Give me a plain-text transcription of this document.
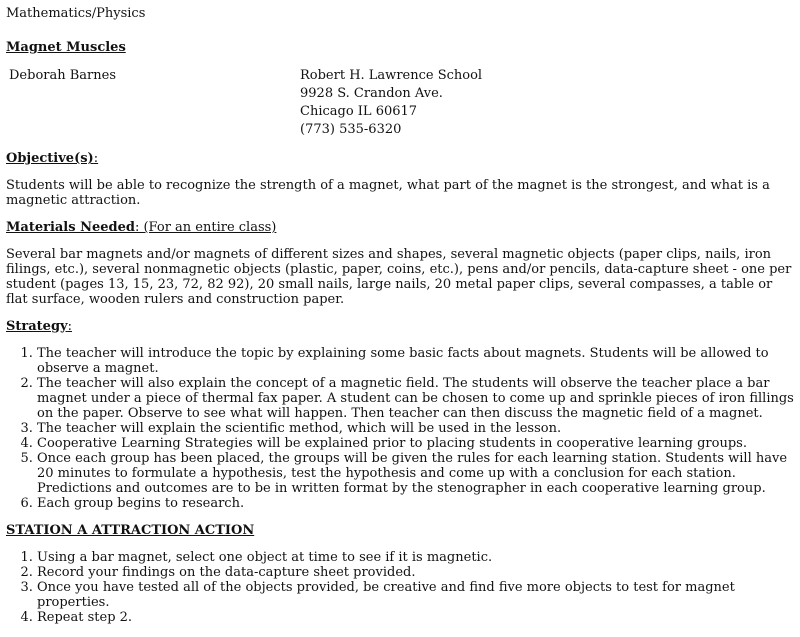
Mathematics/Physics

Magnet Muscles

Deborah Barnes	Robert H. Lawrence School
9928 S. Crandon Ave.
Chicago IL 60617
(773) 535-6320

Objective(s):

Students will be able to recognize the strength of a magnet, what part of the magnet is the strongest, and what is a magnetic attraction.

Materials Needed: (For an entire class)

Several bar magnets and/or magnets of different sizes and shapes, several magnetic objects (paper clips, nails, iron filings, etc.), several nonmagnetic objects (plastic, paper, coins, etc.), pens and/or pencils, data-capture sheet - one per student (pages 13, 15, 23, 72, 82 92), 20 small nails, large nails, 20 metal paper clips, several compasses, a table or flat surface, wooden rulers and construction paper.

Strategy:

1. The teacher will introduce the topic by explaining some basic facts about magnets. Students will be allowed to observe a magnet.
2. The teacher will also explain the concept of a magnetic field. The students will observe the teacher place a bar magnet under a piece of thermal fax paper. A student can be chosen to come up and sprinkle pieces of iron fillings on the paper. Observe to see what will happen. Then teacher can then discuss the magnetic field of a magnet.
3. The teacher will explain the scientific method, which will be used in the lesson.
4. Cooperative Learning Strategies will be explained prior to placing students in cooperative learning groups.
5. Once each group has been placed, the groups will be given the rules for each learning station. Students will have 20 minutes to formulate a hypothesis, test the hypothesis and come up with a conclusion for each station. Predictions and outcomes are to be in written format by the stenographer in each cooperative learning group.
6. Each group begins to research.

STATION A ATTRACTION ACTION

1. Using a bar magnet, select one object at time to see if it is magnetic.
2. Record your findings on the data-capture sheet provided.
3. Once you have tested all of the objects provided, be creative and find five more objects to test for magnet properties.
4. Repeat step 2.
